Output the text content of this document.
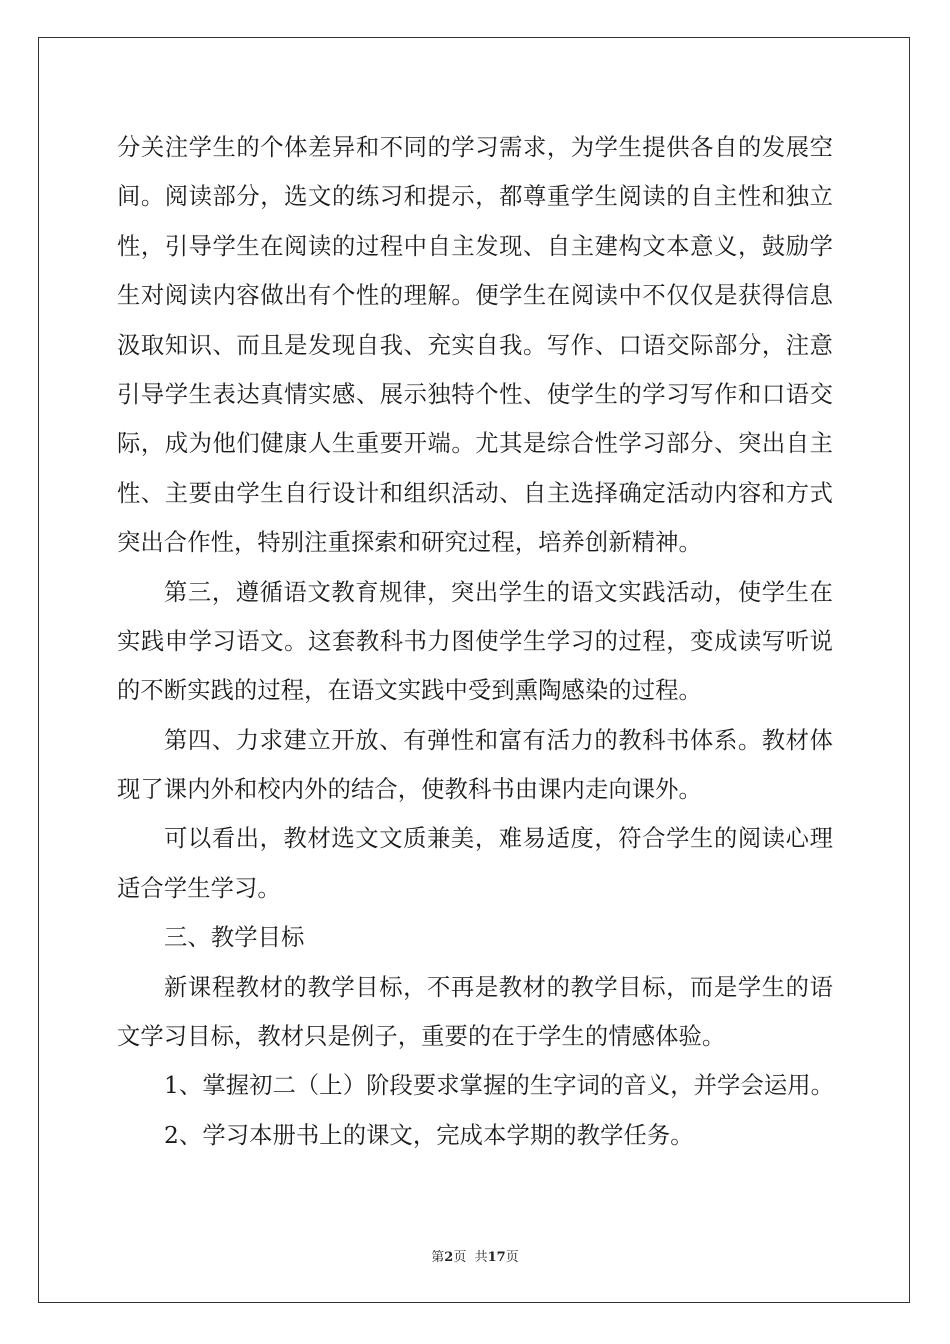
分关注学生的个体差异和不同的学习需求，为学生提供各自的发展空
间。阅读部分，选文的练习和提示，都尊重学生阅读的自主性和独立
性，引导学生在阅读的过程中自主发现、自主建构文本意义，鼓励学
生对阅读内容做出有个性的理解。便学生在阅读中不仅仅是获得信息
汲取知识、而且是发现自我、充实自我。写作、口语交际部分，注意
引导学生表达真情实感、展示独特个性、使学生的学习写作和口语交
际，成为他们健康人生重要开端。尤其是综合性学习部分、突出自主
性、主要由学生自行设计和组织活动、自主选择确定活动内容和方式
突出合作性，特别注重探索和研究过程，培养创新精神。
第三，遵循语文教育规律，突出学生的语文实践活动，使学生在
实践申学习语文。这套教科书力图使学生学习的过程，变成读写听说
的不断实践的过程，在语文实践中受到熏陶感染的过程。
第四、力求建立开放、有弹性和富有活力的教科书体系。教材体
现了课内外和校内外的结合，使教科书由课内走向课外。
可以看出，教材选文文质兼美，难易适度，符合学生的阅读心理
适合学生学习。
三、教学目标
新课程教材的教学目标，不再是教材的教学目标，而是学生的语
文学习目标，教材只是例子，重要的在于学生的情感体验。
1、掌握初二（上）阶段要求掌握的生字词的音义，并学会运用。
2、学习本册书上的课文，完成本学期的教学任务。
第2页  共17页
